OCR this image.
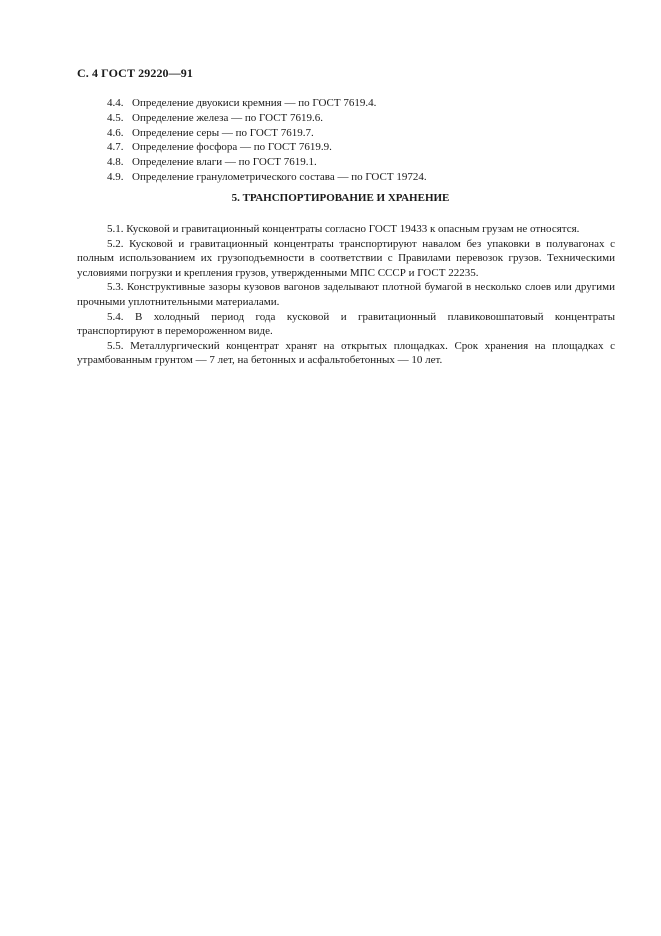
С. 4 ГОСТ 29220—91
4.4. Определение двуокиси кремния — по ГОСТ 7619.4.
4.5. Определение железа — по ГОСТ 7619.6.
4.6. Определение серы — по ГОСТ 7619.7.
4.7. Определение фосфора — по ГОСТ 7619.9.
4.8. Определение влаги — по ГОСТ 7619.1.
4.9. Определение гранулометрического состава — по ГОСТ 19724.
5. ТРАНСПОРТИРОВАНИЕ И ХРАНЕНИЕ

5.1. Кусковой и гравитационный концентраты согласно ГОСТ 19433 к опасным грузам не относятся.

5.2. Кусковой и гравитационный концентраты транспортируют навалом без упаковки в полувагонах с полным использованием их грузоподъемности в соответствии с Правилами перевозок грузов. Техническими условиями погрузки и крепления грузов, утвержденными МПС СССР и ГОСТ 22235.

5.3. Конструктивные зазоры кузовов вагонов заделывают плотной бумагой в несколько слоев или другими прочными уплотнительными материалами.

5.4. В холодный период года кусковой и гравитационный плавиковошпатовый концентраты транспортируют в перемороженном виде.

5.5. Металлургический концентрат хранят на открытых площадках. Срок хранения на площадках с утрамбованным грунтом — 7 лет, на бетонных и асфальтобетонных — 10 лет.
